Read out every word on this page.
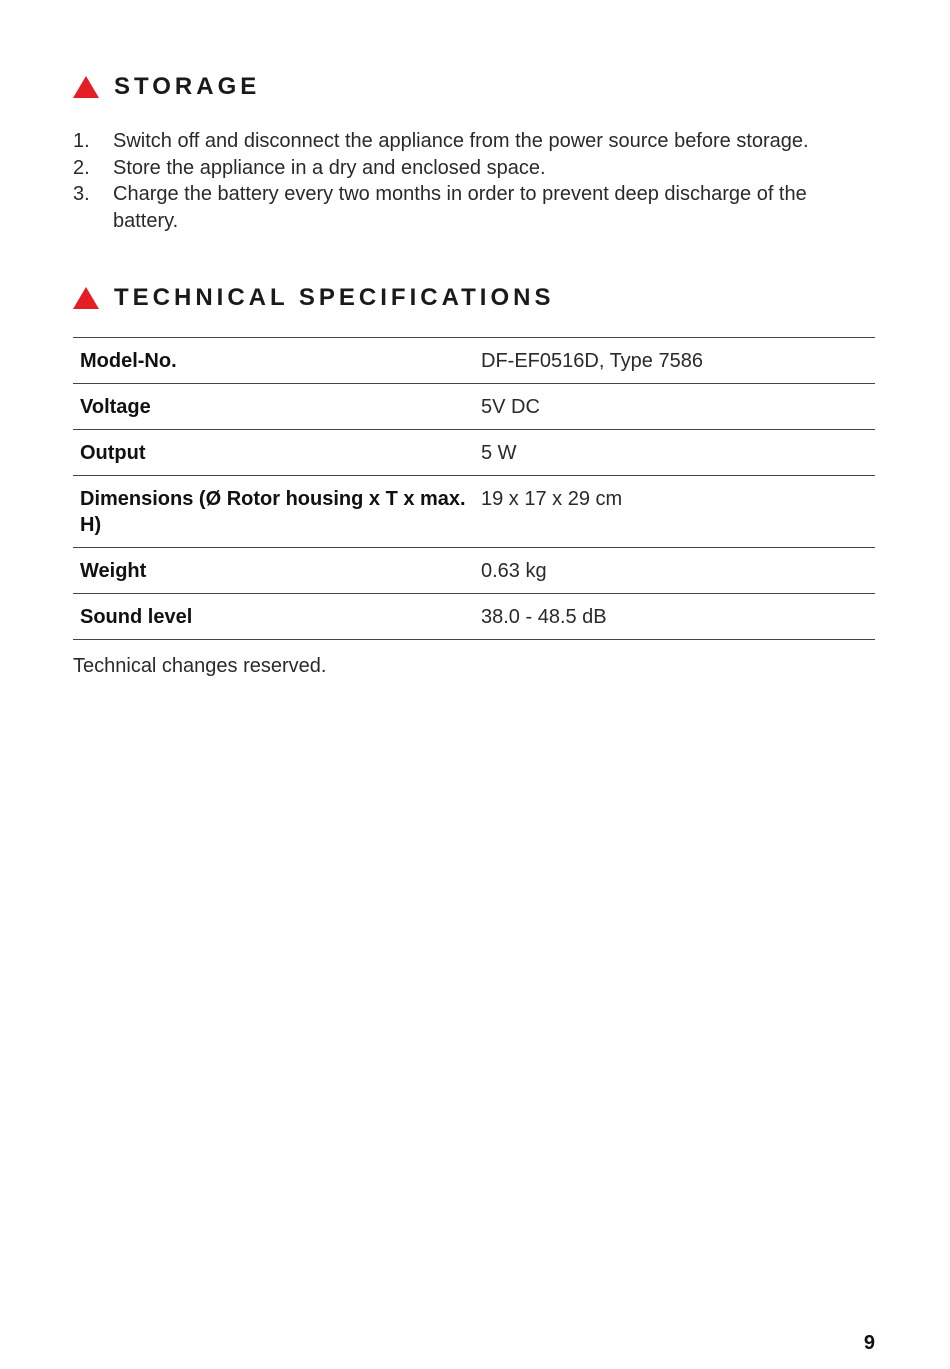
STORAGE
1.	Switch off and disconnect the appliance from the power source before storage.
2.	Store the appliance in a dry and enclosed space.
3.	Charge the battery every two months in order to prevent deep discharge of the battery.
TECHNICAL SPECIFICATIONS
Model-No.	DF-EF0516D, Type 7586
Voltage	5V DC
Output	5 W
Dimensions (Ø Rotor housing x T x max. H)	19 x 17 x 29 cm
Weight	0.63 kg
Sound level	38.0 - 48.5 dB
Technical changes reserved.
9
